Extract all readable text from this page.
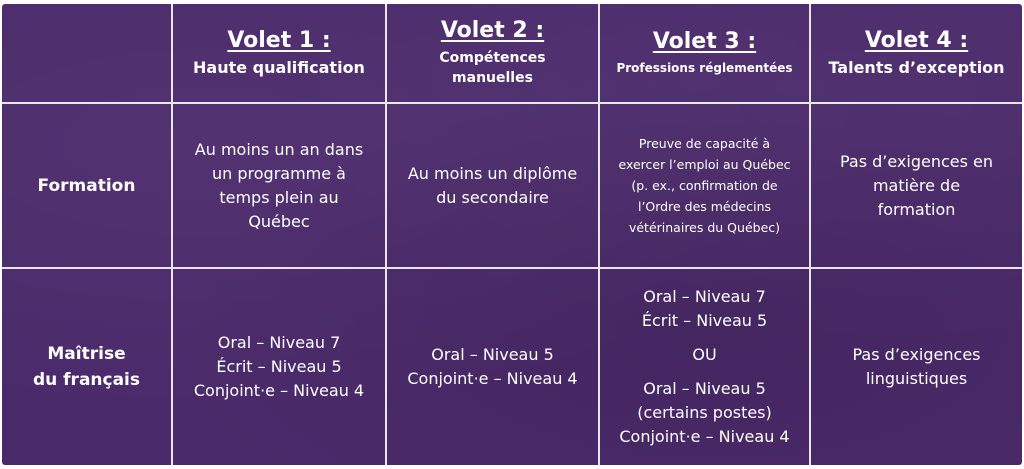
Volet 1 :
Haute qualification
Volet 2 :
Compétences
manuelles
Volet 3 :
Professions réglementées
Volet 4 :
Talents d’exception
Formation
Au moins un an dans
un programme à
temps plein au
Québec
Au moins un diplôme
du secondaire
Preuve de capacité à
exercer l’emploi au Québec
(p. ex., confirmation de
l’Ordre des médecins
vétérinaires du Québec)
Pas d’exigences en
matière de
formation
Maîtrise
du français
Oral – Niveau 7
Écrit – Niveau 5
Conjoint·e – Niveau 4
Oral – Niveau 5
Conjoint·e – Niveau 4
Oral – Niveau 7
Écrit – Niveau 5
OU
Oral – Niveau 5
(certains postes)
Conjoint·e – Niveau 4
Pas d’exigences
linguistiques
